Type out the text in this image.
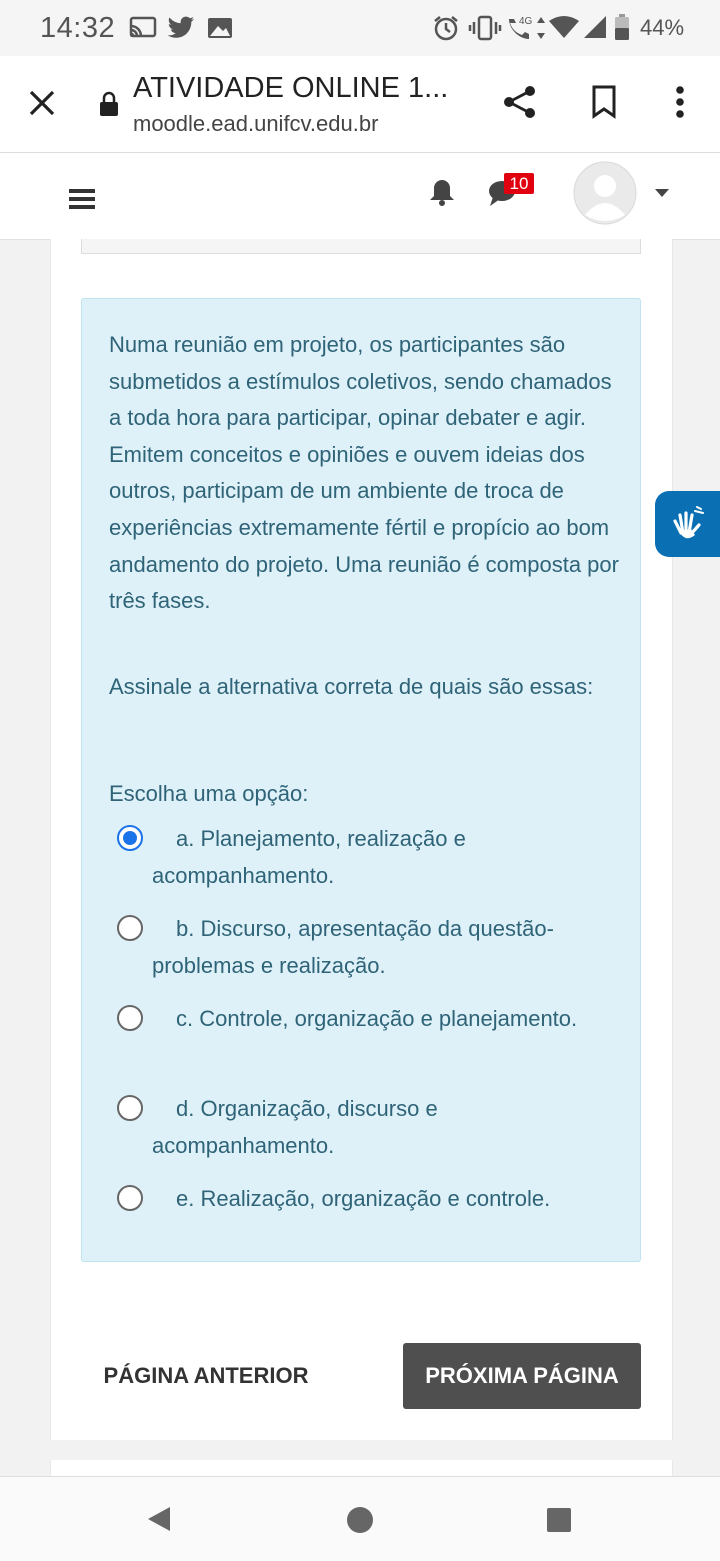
14:32	4G	44%
ATIVIDADE ONLINE 1...
moodle.ead.unifcv.edu.br
10
Numa reunião em projeto, os participantes são submetidos a estímulos coletivos, sendo chamados a toda hora para participar, opinar debater e agir. Emitem conceitos e opiniões e ouvem ideias dos outros, participam de um ambiente de troca de experiências extremamente fértil e propício ao bom andamento do projeto. Uma reunião é composta por três fases.
Assinale a alternativa correta de quais são essas:
Escolha uma opção:
a. Planejamento, realização e acompanhamento.
b. Discurso, apresentação da questão-problemas e realização.
c. Controle, organização e planejamento.
d. Organização, discurso e acompanhamento.
e. Realização, organização e controle.
PÁGINA ANTERIOR	PRÓXIMA PÁGINA
